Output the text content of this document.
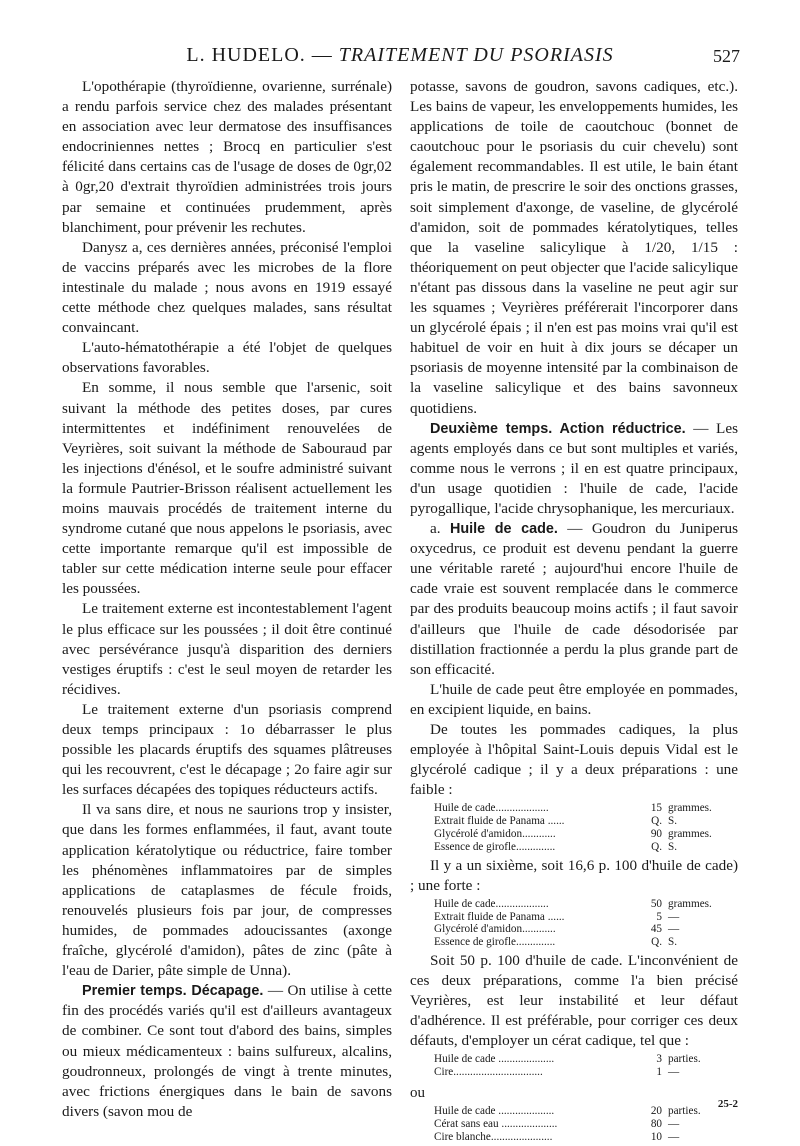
L. HUDELO. — TRAITEMENT DU PSORIASIS	527

L'opothérapie (thyroïdienne, ovarienne, surrénale) a rendu parfois service chez des malades présentant en association avec leur dermatose des insuffisances endocriniennes nettes ; Brocq en particulier s'est félicité dans certains cas de l'usage de doses de 0gr,02 à 0gr,20 d'extrait thyroïdien administrées trois jours par semaine et continuées prudemment, après blanchiment, pour prévenir les rechutes.

Danysz a, ces dernières années, préconisé l'emploi de vaccins préparés avec les microbes de la flore intestinale du malade ; nous avons en 1919 essayé cette méthode chez quelques malades, sans résultat convaincant.

L'auto-hématothérapie a été l'objet de quelques observations favorables.

En somme, il nous semble que l'arsenic, soit suivant la méthode des petites doses, par cures intermittentes et indéfiniment renouvelées de Veyrières, soit suivant la méthode de Sabouraud par les injections d'énésol, et le soufre administré suivant la formule Pautrier-Brisson réalisent actuellement les moins mauvais procédés de traitement interne du syndrome cutané que nous appelons le psoriasis, avec cette importante remarque qu'il est impossible de tabler sur cette médication interne seule pour effacer les poussées.

Le traitement externe est incontestablement l'agent le plus efficace sur les poussées ; il doit être continué avec persévérance jusqu'à disparition des derniers vestiges éruptifs : c'est le seul moyen de retarder les récidives.

Le traitement externe d'un psoriasis comprend deux temps principaux : 1o débarrasser le plus possible les placards éruptifs des squames plâtreuses qui les recouvrent, c'est le décapage ; 2o faire agir sur les surfaces décapées des topiques réducteurs actifs.

Il va sans dire, et nous ne saurions trop y insister, que dans les formes enflammées, il faut, avant toute application kératolytique ou réductrice, faire tomber les phénomènes inflammatoires par de simples applications de cataplasmes de fécule froids, renouvelés plusieurs fois par jour, de compresses humides, de pommades adoucissantes (axonge fraîche, glycérolé d'amidon), pâtes de zinc (pâte à l'eau de Darier, pâte simple de Unna).

Premier temps. Décapage. — On utilise à cette fin des procédés variés qu'il est d'ailleurs avantageux de combiner. Ce sont tout d'abord des bains, simples ou mieux médicamenteux : bains sulfureux, alcalins, goudronneux, prolongés de vingt à trente minutes, avec frictions énergiques dans le bain de savons divers (savon mou de

potasse, savons de goudron, savons cadiques, etc.). Les bains de vapeur, les enveloppements humides, les applications de toile de caoutchouc (bonnet de caoutchouc pour le psoriasis du cuir chevelu) sont également recommandables. Il est utile, le bain étant pris le matin, de prescrire le soir des onctions grasses, soit simplement d'axonge, de vaseline, de glycérolé d'amidon, soit de pommades kératolytiques, telles que la vaseline salicylique à 1/20, 1/15 : théoriquement on peut objecter que l'acide salicylique n'étant pas dissous dans la vaseline ne peut agir sur les squames ; Veyrières préférerait l'incorporer dans un glycérolé épais ; il n'en est pas moins vrai qu'il est habituel de voir en huit à dix jours se décaper un psoriasis de moyenne intensité par la combinaison de la vaseline salicylique et des bains savonneux quotidiens.

Deuxième temps. Action réductrice. — Les agents employés dans ce but sont multiples et variés, comme nous le verrons ; il en est quatre principaux, d'un usage quotidien : l'huile de cade, l'acide pyrogallique, l'acide chrysophanique, les mercuriaux.

a. Huile de cade. — Goudron du Juniperus oxycedrus, ce produit est devenu pendant la guerre une véritable rareté ; aujourd'hui encore l'huile de cade vraie est souvent remplacée dans le commerce par des produits beaucoup moins actifs ; il faut savoir d'ailleurs que l'huile de cade désodorisée par distillation fractionnée a perdu la plus grande part de son efficacité.

L'huile de cade peut être employée en pommades, en excipient liquide, en bains.

De toutes les pommades cadiques, la plus employée à l'hôpital Saint-Louis depuis Vidal est le glycérolé cadique ; il y a deux préparations : une faible :

Huile de cade...................	15 grammes.
Extrait fluide de Panama ......	Q. S.
Glycérolé d'amidon............	90 grammes.
Essence de girofle..............	Q. S.

Il y a un sixième, soit 16,6 p. 100 d'huile de cade) ; une forte :

Huile de cade...................	50 grammes.
Extrait fluide de Panama ......	5 —
Glycérolé d'amidon............	45 —
Essence de girofle..............	Q. S.

Soit 50 p. 100 d'huile de cade. L'inconvénient de ces deux préparations, comme l'a bien précisé Veyrières, est leur instabilité et leur défaut d'adhérence. Il est préférable, pour corriger ces deux défauts, d'employer un cérat cadique, tel que :

Huile de cade ....................	3 parties.
Cire................................	1 —
ou
Huile de cade ....................	20 parties.
Cérat sans eau ....................	80 —
Cire blanche......................	10 —
25-2
